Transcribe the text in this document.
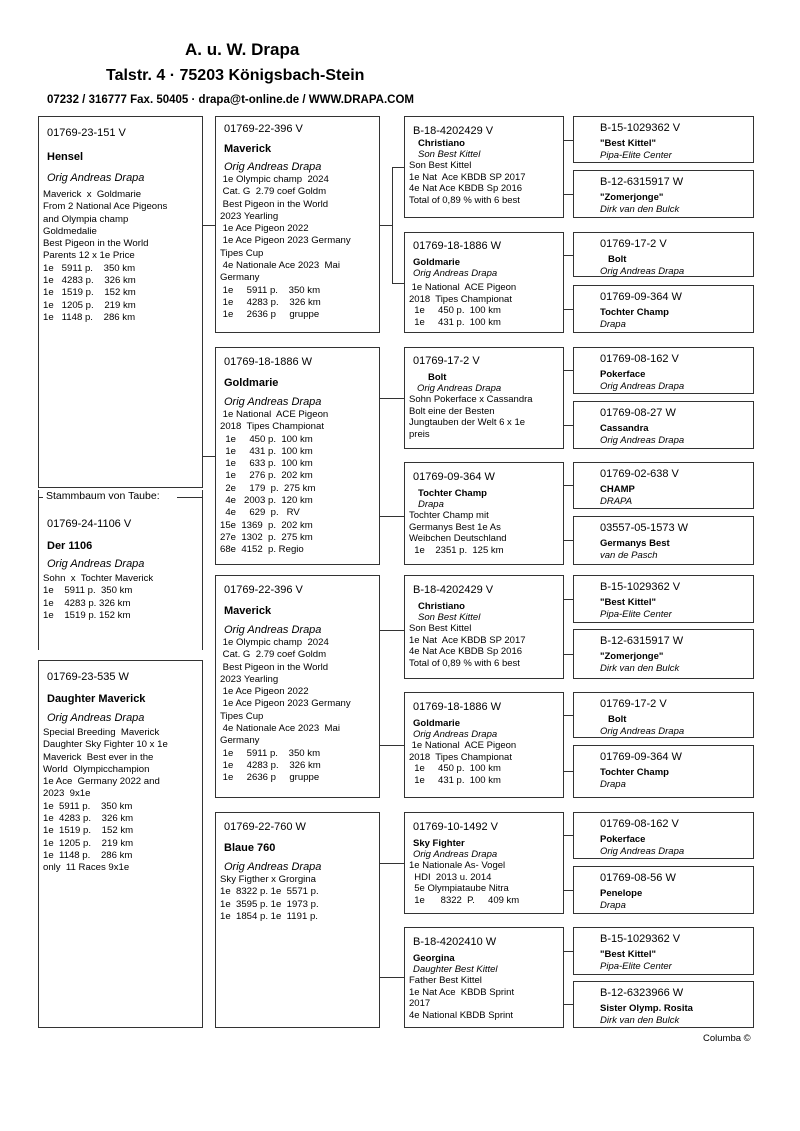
A. u. W. Drapa
Talstr. 4 · 75203 Königsbach-Stein
07232 / 316777 Fax. 50405 · drapa@t-online.de / WWW.DRAPA.COM
01769-23-151 V
Hensel
Orig Andreas Drapa
Maverick  x  Goldmarie
From 2 National Ace Pigeons
and Olympia champ
Goldmedalie
Best Pigeon in the World
Parents 12 x 1e Price
1e   5911 p.    350 km
1e   4283 p.    326 km
1e   1519 p.    152 km
1e   1205 p.    219 km
1e   1148 p.    286 km
Stammbaum von Taube:
01769-24-1106 V
Der 1106
Orig Andreas Drapa
Sohn  x  Tochter Maverick
1e    5911 p.  350 km
1e    4283 p. 326 km
1e    1519 p. 152 km
01769-23-535 W
Daughter Maverick
Orig Andreas Drapa
Special Breeding  Maverick
Daughter Sky Fighter 10 x 1e
Maverick  Best ever in the
World  Olympicchampion
1e Ace  Germany 2022 and
2023  9x1e
1e  5911 p.    350 km
1e  4283 p.    326 km
1e  1519 p.    152 km
1e  1205 p.    219 km
1e  1148 p.    286 km
only  11 Races 9x1e
01769-22-396 V
Maverick
Orig Andreas Drapa
1e Olympic champ  2024
Cat. G  2.79 coef Goldm
Best Pigeon in the World
2023 Yearling
1e Ace Pigeon 2022
1e Ace Pigeon 2023 Germany
Tipes Cup
4e Nationale Ace 2023  Mai
Germany
1e     5911 p.    350 km
1e     4283 p.    326 km
1e     2636 p     gruppe
01769-18-1886 W
Goldmarie
Orig Andreas Drapa
1e National  ACE Pigeon
2018  Tipes Championat
1e     450 p.  100 km
1e     431 p.  100 km
1e     633 p.  100 km
1e     276 p.  202 km
2e     179  p.  275 km
4e   2003 p.  120 km
4e     629  p.   RV
15e  1369  p.  202 km
27e  1302  p.  275 km
68e  4152  p. Regio
01769-22-396 V
Maverick
Orig Andreas Drapa
1e Olympic champ  2024
Cat. G  2.79 coef Goldm
Best Pigeon in the World
2023 Yearling
1e Ace Pigeon 2022
1e Ace Pigeon 2023 Germany
Tipes Cup
4e Nationale Ace 2023  Mai
Germany
1e     5911 p.    350 km
1e     4283 p.    326 km
1e     2636 p     gruppe
01769-22-760 W
Blaue 760
Orig Andreas Drapa
Sky Figther x Grorgina
1e  8322 p. 1e  5571 p.
1e  3595 p. 1e  1973 p.
1e  1854 p. 1e  1191 p.
B-18-4202429 V
Christiano
Son Best Kittel
Son Best Kittel
1e Nat  Ace KBDB SP 2017
4e Nat Ace KBDB Sp 2016
Total of 0,89 % with 6 best
01769-18-1886 W
Goldmarie
Orig Andreas Drapa
1e National  ACE Pigeon
2018  Tipes Championat
1e     450 p.  100 km
1e     431 p.  100 km
01769-17-2 V
Bolt
Orig Andreas Drapa
Sohn Pokerface x Cassandra
Bolt eine der Besten
Jungtauben der Welt 6 x 1e
preis
01769-09-364 W
Tochter Champ
Drapa
Tochter Champ mit
Germanys Best 1e As
Weibchen Deutschland
1e    2351 p.  125 km
B-18-4202429 V
Christiano
Son Best Kittel
Son Best Kittel
1e Nat  Ace KBDB SP 2017
4e Nat Ace KBDB Sp 2016
Total of 0,89 % with 6 best
01769-18-1886 W
Goldmarie
Orig Andreas Drapa
1e National  ACE Pigeon
2018  Tipes Championat
1e     450 p.  100 km
1e     431 p.  100 km
01769-10-1492 V
Sky Fighter
Orig Andreas Drapa
1e Nationale As- Vogel
HDI  2013 u. 2014
5e Olympiataube Nitra
1e      8322  P.     409 km
B-18-4202410 W
Georgina
Daughter Best Kittel
Father Best Kittel
1e Nat Ace  KBDB Sprint
2017
4e National KBDB Sprint
B-15-1029362 V
"Best Kittel"
Pipa-Elite Center
B-12-6315917 W
"Zomerjonge"
Dirk van den Bulck
01769-17-2 V
Bolt
Orig Andreas Drapa
01769-09-364 W
Tochter Champ
Drapa
01769-08-162 V
Pokerface
Orig Andreas Drapa
01769-08-27 W
Cassandra
Orig Andreas Drapa
01769-02-638 V
CHAMP
DRAPA
03557-05-1573 W
Germanys Best
van de Pasch
B-15-1029362 V
"Best Kittel"
Pipa-Elite Center
B-12-6315917 W
"Zomerjonge"
Dirk van den Bulck
01769-17-2 V
Bolt
Orig Andreas Drapa
01769-09-364 W
Tochter Champ
Drapa
01769-08-162 V
Pokerface
Orig Andreas Drapa
01769-08-56 W
Penelope
Drapa
B-15-1029362 V
"Best Kittel"
Pipa-Elite Center
B-12-6323966 W
Sister Olymp. Rosita
Dirk van den Bulck
Columba ©
